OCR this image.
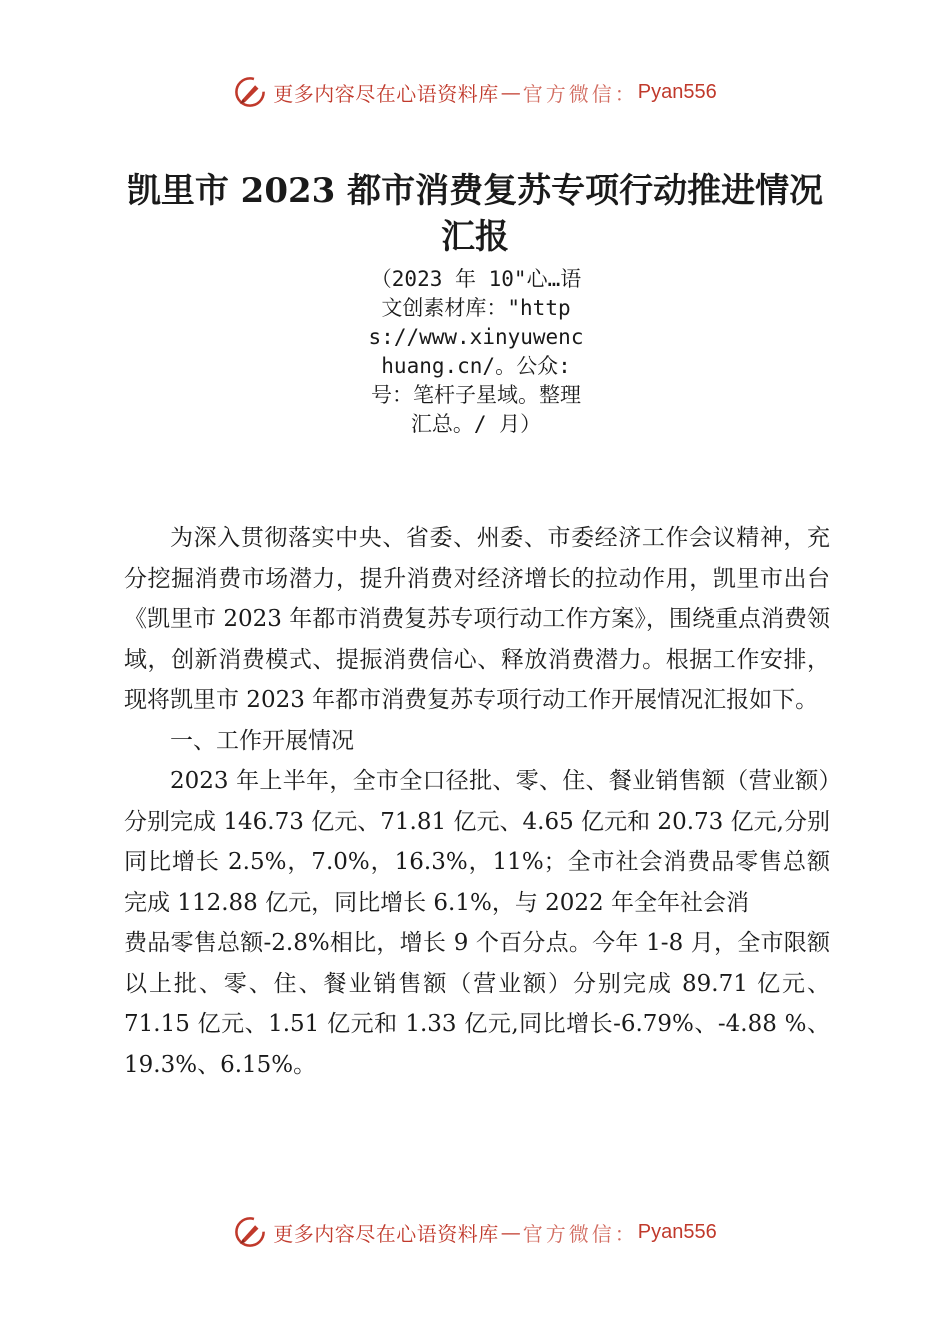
更多内容尽在心语资料库 — 官方微信： Pyan556
凯里市 2023 都市消费复苏专项行动推进情况汇报
（2023 年 10"心…语文创素材库："https://www.xinyuwenchuang.cn/。公众:号：笔杆子星域。整理汇总。/ 月）

为深入贯彻落实中央、省委、州委、市委经济工作会议精神，充分挖掘消费市场潜力，提升消费对经济增长的拉动作用，凯里市出台《凯里市 2023 年都市消费复苏专项行动工作方案》，围绕重点消费领域，创新消费模式、提振消费信心、释放消费潜力。根据工作安排，现将凯里市 2023 年都市消费复苏专项行动工作开展情况汇报如下。

一、工作开展情况

2023 年上半年，全市全口径批、零、住、餐业销售额（营业额）分别完成 146.73 亿元、71.81 亿元、4.65 亿元和 20.73 亿元,分别同比增长 2.5%，7.0%，16.3%，11%；全市社会消费品零售总额完成 112.88 亿元，同比增长 6.1%，与 2022 年全年社会消

费品零售总额-2.8%相比，增长 9 个百分点。今年 1-8 月，全市限额以上批、零、住、餐业销售额（营业额）分别完成 89.71 亿元、71.15 亿元、1.51 亿元和 1.33 亿元,同比增长-6.79%、-4.88 %、19.3%、6.15%。

更多内容尽在心语资料库 — 官方微信： Pyan556
